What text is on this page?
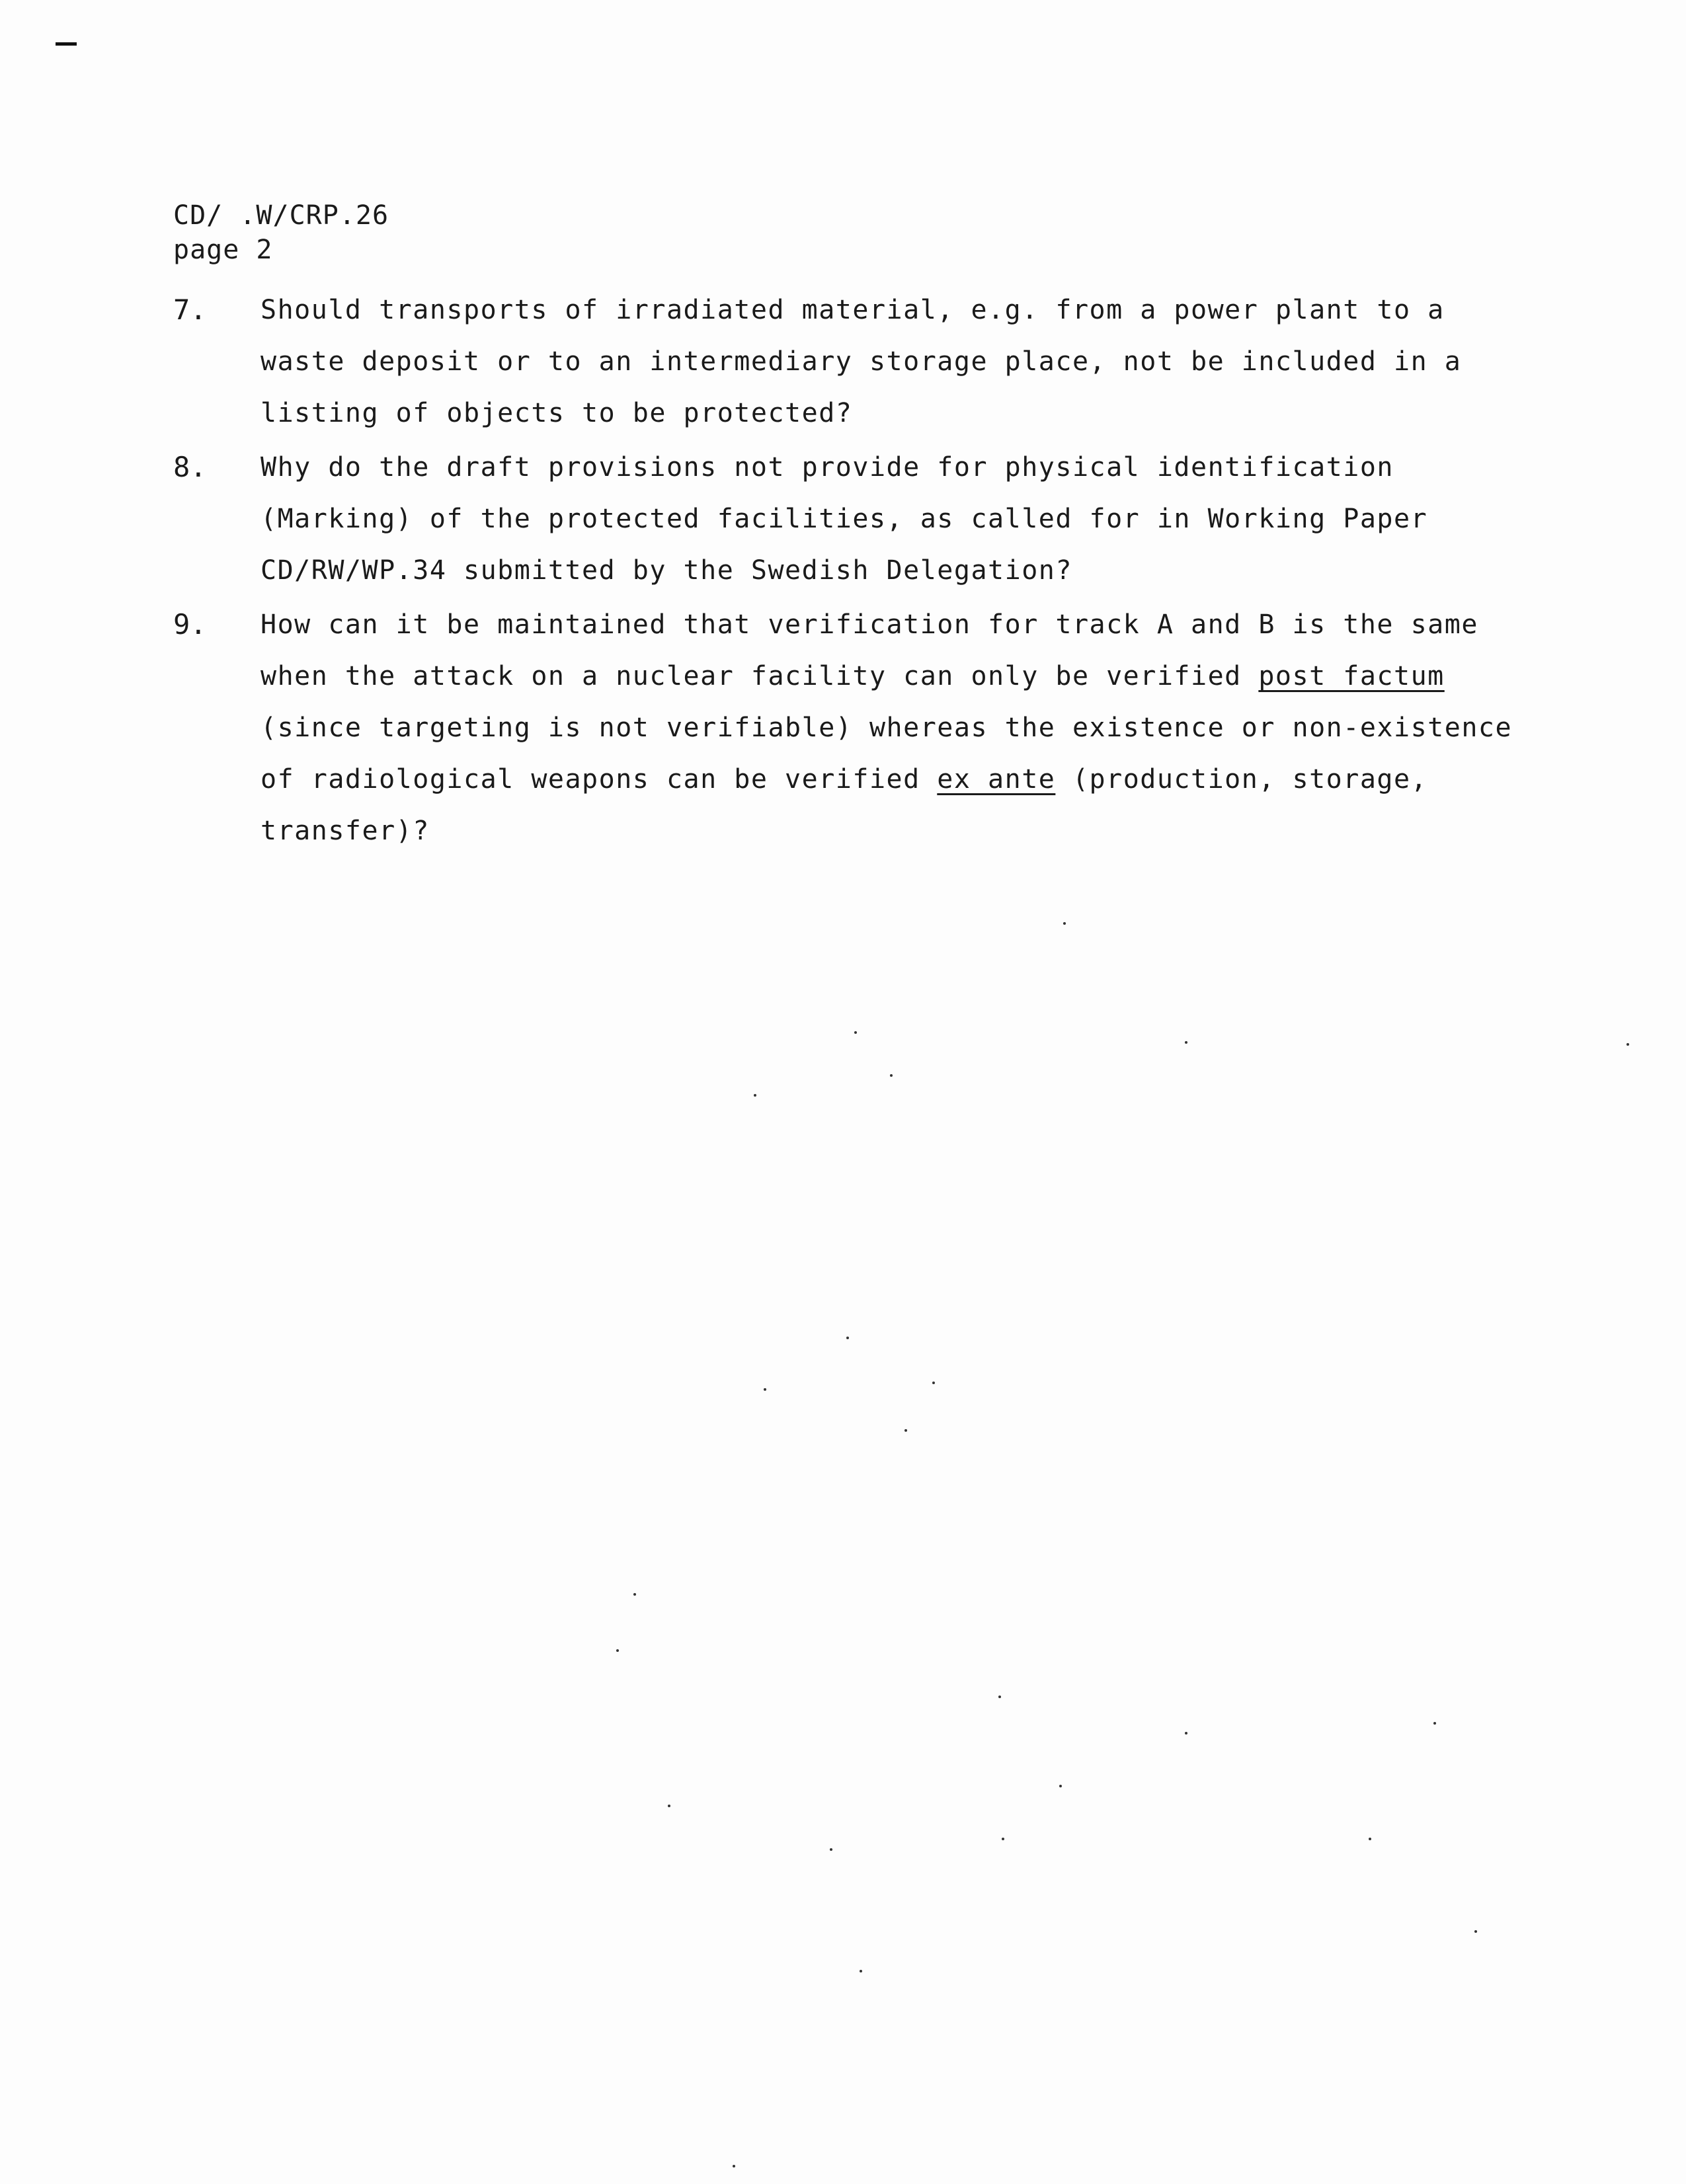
CD/ .W/CRP.26
page 2
7. Should transports of irradiated material, e.g. from a power plant to a
waste deposit or to an intermediary storage place, not be included in a
listing of objects to be protected?
8. Why do the draft provisions not provide for physical identification
(Marking) of the protected facilities, as called for in Working Paper
CD/RW/WP.34 submitted by the Swedish Delegation?
9. How can it be maintained that verification for track A and B is the same
when the attack on a nuclear facility can only be verified post factum
(since targeting is not verifiable) whereas the existence or non-existence
of radiological weapons can be verified ex ante (production, storage,
transfer)?
